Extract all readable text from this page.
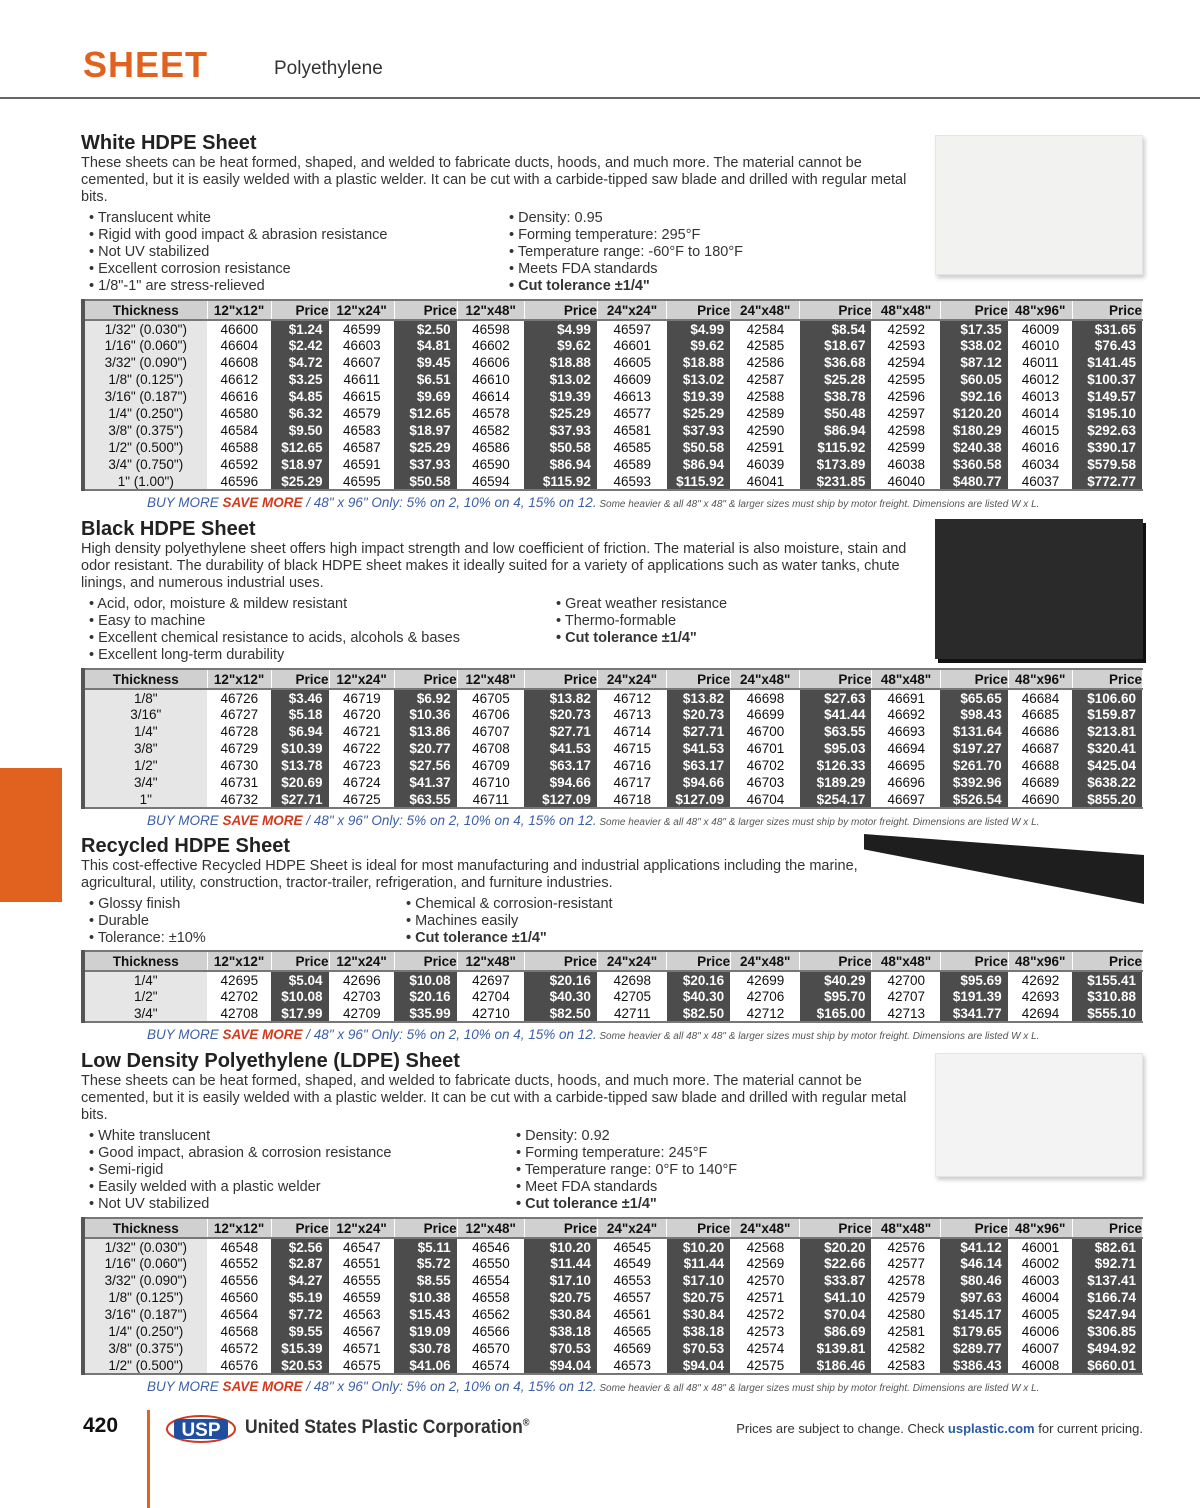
SHEET	Polyethylene
White HDPE Sheet
These sheets can be heat formed, shaped, and welded to fabricate ducts, hoods, and much more. The material cannot be cemented, but it is easily welded with a plastic welder. It can be cut with a carbide-tipped saw blade and drilled with regular metal bits.
• Translucent white
• Rigid with good impact & abrasion resistance
• Not UV stabilized
• Excellent corrosion resistance
• 1/8"-1" are stress-relieved
• Density: 0.95
• Forming temperature: 295°F
• Temperature range: -60°F to 180°F
• Meets FDA standards
• Cut tolerance ±1/4"
Black HDPE Sheet
High density polyethylene sheet offers high impact strength and low coefficient of friction. The material is also moisture, stain and odor resistant. The durability of black HDPE sheet makes it ideally suited for a variety of applications such as water tanks, chute linings, and numerous industrial uses.
• Acid, odor, moisture & mildew resistant
• Easy to machine
• Excellent chemical resistance to acids, alcohols & bases
• Excellent long-term durability
• Great weather resistance
• Thermo-formable
• Cut tolerance ±1/4"
Recycled HDPE Sheet
This cost-effective Recycled HDPE Sheet is ideal for most manufacturing and industrial applications including the marine, agricultural, utility, construction, tractor-trailer, refrigeration, and furniture industries.
• Glossy finish
• Durable
• Tolerance: ±10%
• Chemical & corrosion-resistant
• Machines easily
• Cut tolerance ±1/4"
Low Density Polyethylene (LDPE) Sheet
These sheets can be heat formed, shaped, and welded to fabricate ducts, hoods, and much more. The material cannot be cemented, but it is easily welded with a plastic welder. It can be cut with a carbide-tipped saw blade and drilled with regular metal bits.
• White translucent
• Good impact, abrasion & corrosion resistance
• Semi-rigid
• Easily welded with a plastic welder
• Not UV stabilized
• Density: 0.92
• Forming temperature: 245°F
• Temperature range: 0°F to 140°F
• Meet FDA standards
• Cut tolerance ±1/4"
Thickness	12"x12"	Price	12"x24"	Price	12"x48"	Price	24"x24"	Price	24"x48"	Price	48"x48"	Price	48"x96"	Price
1/32" (0.030")	46600	$1.24	46599	$2.50	46598	$4.99	46597	$4.99	42584	$8.54	42592	$17.35	46009	$31.65
1/16" (0.060")	46604	$2.42	46603	$4.81	46602	$9.62	46601	$9.62	42585	$18.67	42593	$38.02	46010	$76.43
3/32" (0.090")	46608	$4.72	46607	$9.45	46606	$18.88	46605	$18.88	42586	$36.68	42594	$87.12	46011	$141.45
1/8" (0.125")	46612	$3.25	46611	$6.51	46610	$13.02	46609	$13.02	42587	$25.28	42595	$60.05	46012	$100.37
3/16" (0.187")	46616	$4.85	46615	$9.69	46614	$19.39	46613	$19.39	42588	$38.78	42596	$92.16	46013	$149.57
1/4" (0.250")	46580	$6.32	46579	$12.65	46578	$25.29	46577	$25.29	42589	$50.48	42597	$120.20	46014	$195.10
3/8" (0.375")	46584	$9.50	46583	$18.97	46582	$37.93	46581	$37.93	42590	$86.94	42598	$180.29	46015	$292.63
1/2" (0.500")	46588	$12.65	46587	$25.29	46586	$50.58	46585	$50.58	42591	$115.92	42599	$240.38	46016	$390.17
3/4" (0.750")	46592	$18.97	46591	$37.93	46590	$86.94	46589	$86.94	46039	$173.89	46038	$360.58	46034	$579.58
1" (1.00")	46596	$25.29	46595	$50.58	46594	$115.92	46593	$115.92	46041	$231.85	46040	$480.77	46037	$772.77
Thickness	12"x12"	Price	12"x24"	Price	12"x48"	Price	24"x24"	Price	24"x48"	Price	48"x48"	Price	48"x96"	Price
1/8"	46726	$3.46	46719	$6.92	46705	$13.82	46712	$13.82	46698	$27.63	46691	$65.65	46684	$106.60
3/16"	46727	$5.18	46720	$10.36	46706	$20.73	46713	$20.73	46699	$41.44	46692	$98.43	46685	$159.87
1/4"	46728	$6.94	46721	$13.86	46707	$27.71	46714	$27.71	46700	$63.55	46693	$131.64	46686	$213.81
3/8"	46729	$10.39	46722	$20.77	46708	$41.53	46715	$41.53	46701	$95.03	46694	$197.27	46687	$320.41
1/2"	46730	$13.78	46723	$27.56	46709	$63.17	46716	$63.17	46702	$126.33	46695	$261.70	46688	$425.04
3/4"	46731	$20.69	46724	$41.37	46710	$94.66	46717	$94.66	46703	$189.29	46696	$392.96	46689	$638.22
1"	46732	$27.71	46725	$63.55	46711	$127.09	46718	$127.09	46704	$254.17	46697	$526.54	46690	$855.20
Thickness	12"x12"	Price	12"x24"	Price	12"x48"	Price	24"x24"	Price	24"x48"	Price	48"x48"	Price	48"x96"	Price
1/4"	42695	$5.04	42696	$10.08	42697	$20.16	42698	$20.16	42699	$40.29	42700	$95.69	42692	$155.41
1/2"	42702	$10.08	42703	$20.16	42704	$40.30	42705	$40.30	42706	$95.70	42707	$191.39	42693	$310.88
3/4"	42708	$17.99	42709	$35.99	42710	$82.50	42711	$82.50	42712	$165.00	42713	$341.77	42694	$555.10
Thickness	12"x12"	Price	12"x24"	Price	12"x48"	Price	24"x24"	Price	24"x48"	Price	48"x48"	Price	48"x96"	Price
1/32" (0.030")	46548	$2.56	46547	$5.11	46546	$10.20	46545	$10.20	42568	$20.20	42576	$41.12	46001	$82.61
1/16" (0.060")	46552	$2.87	46551	$5.72	46550	$11.44	46549	$11.44	42569	$22.66	42577	$46.14	46002	$92.71
3/32" (0.090")	46556	$4.27	46555	$8.55	46554	$17.10	46553	$17.10	42570	$33.87	42578	$80.46	46003	$137.41
1/8" (0.125")	46560	$5.19	46559	$10.38	46558	$20.75	46557	$20.75	42571	$41.10	42579	$97.63	46004	$166.74
3/16" (0.187")	46564	$7.72	46563	$15.43	46562	$30.84	46561	$30.84	42572	$70.04	42580	$145.17	46005	$247.94
1/4" (0.250")	46568	$9.55	46567	$19.09	46566	$38.18	46565	$38.18	42573	$86.69	42581	$179.65	46006	$306.85
3/8" (0.375")	46572	$15.39	46571	$30.78	46570	$70.53	46569	$70.53	42574	$139.81	42582	$289.77	46007	$494.92
1/2" (0.500")	46576	$20.53	46575	$41.06	46574	$94.04	46573	$94.04	42575	$186.46	42583	$386.43	46008	$660.01
BUY MORE SAVE MORE / 48" x 96" Only: 5% on 2, 10% on 4, 15% on 12. Some heavier & all 48" x 48" & larger sizes must ship by motor freight. Dimensions are listed W x L.
BUY MORE SAVE MORE / 48" x 96" Only: 5% on 2, 10% on 4, 15% on 12. Some heavier & all 48" x 48" & larger sizes must ship by motor freight. Dimensions are listed W x L.
BUY MORE SAVE MORE / 48" x 96" Only: 5% on 2, 10% on 4, 15% on 12. Some heavier & all 48" x 48" & larger sizes must ship by motor freight. Dimensions are listed W x L.
BUY MORE SAVE MORE / 48" x 96" Only: 5% on 2, 10% on 4, 15% on 12. Some heavier & all 48" x 48" & larger sizes must ship by motor freight. Dimensions are listed W x L.
420	USP United States Plastic Corporation®	Prices are subject to change. Check usplastic.com for current pricing.
